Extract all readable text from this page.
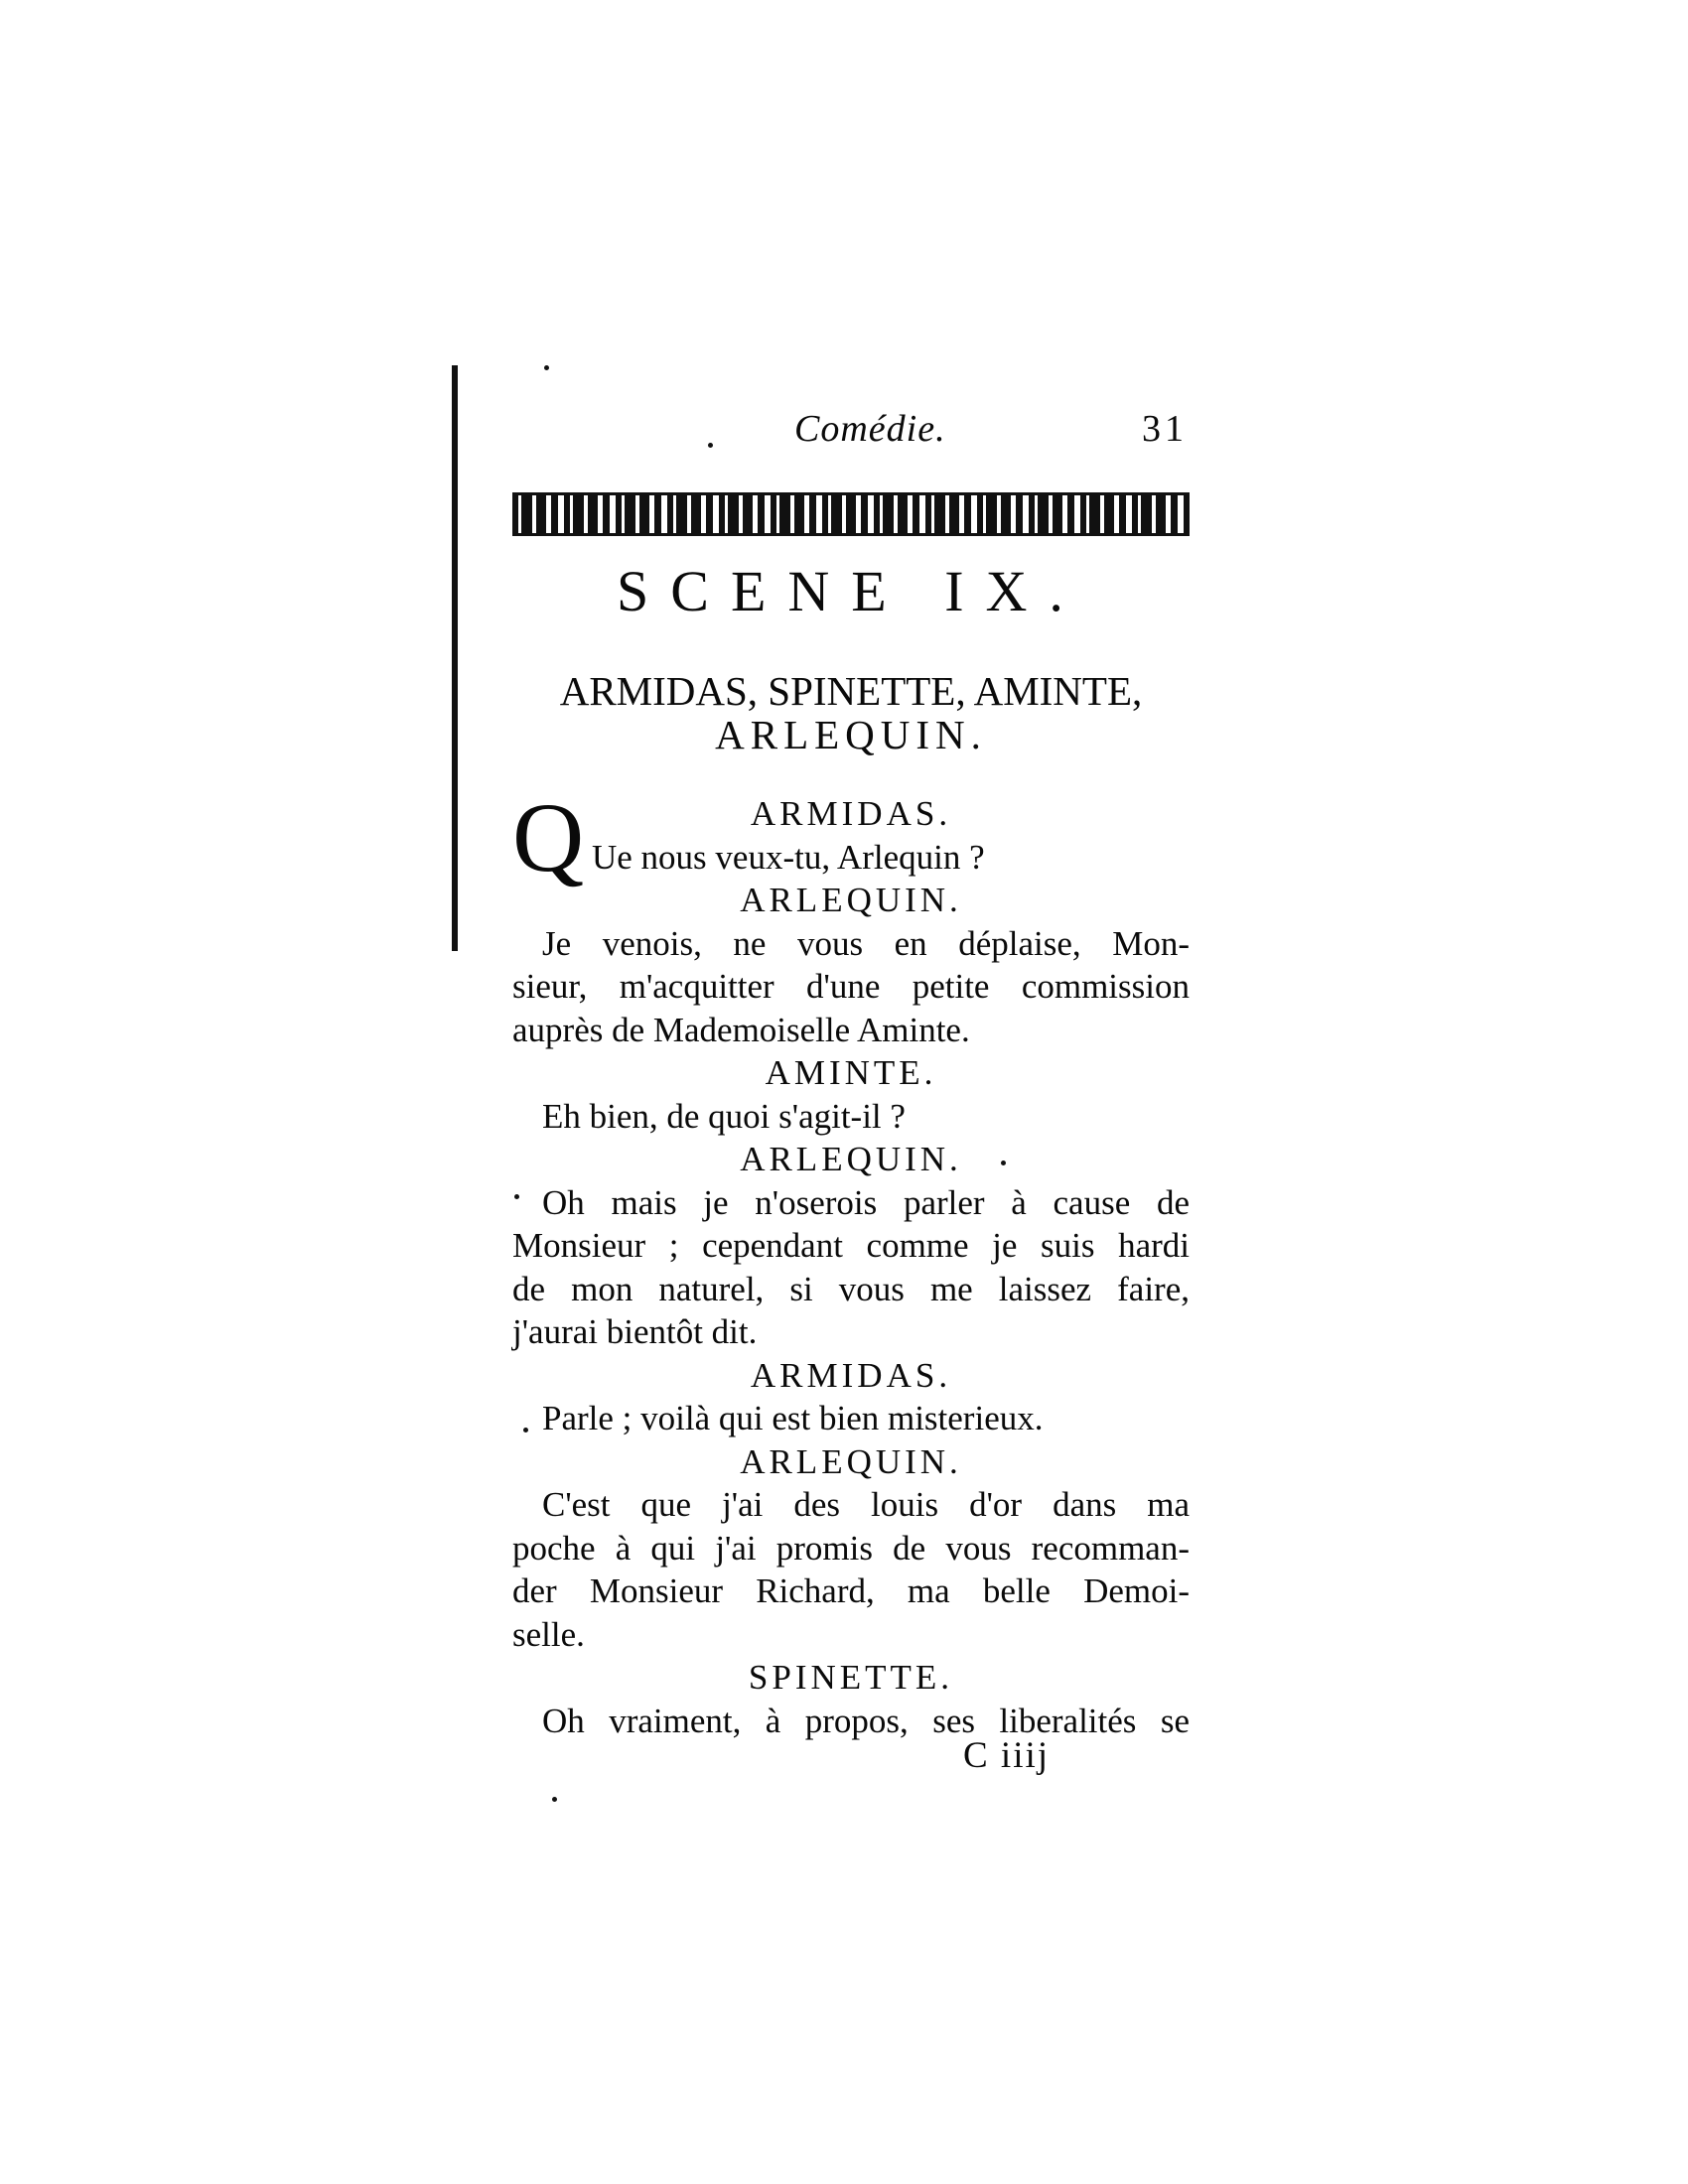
Comédie.	31
SCENE IX.
ARMIDAS, SPINETTE, AMINTE,
ARLEQUIN.
Q	ARMIDAS.
Ue nous veux-tu, Arlequin ?
ARLEQUIN.
Je venois, ne vous en déplaise, Mon-
sieur, m'acquitter d'une petite commission
auprès de Mademoiselle Aminte.
AMINTE.
Eh bien, de quoi s'agit-il ?
ARLEQUIN.
Oh mais je n'oserois parler à cause de
Monsieur ; cependant comme je suis hardi
de mon naturel, si vous me laissez faire,
j'aurai bientôt dit.
ARMIDAS.
Parle ; voilà qui est bien misterieux.
ARLEQUIN.
C'est que j'ai des louis d'or dans ma
poche à qui j'ai promis de vous recomman-
der Monsieur Richard, ma belle Demoi-
selle.
SPINETTE.
Oh vraiment, à propos, ses liberalités se
C iiij
